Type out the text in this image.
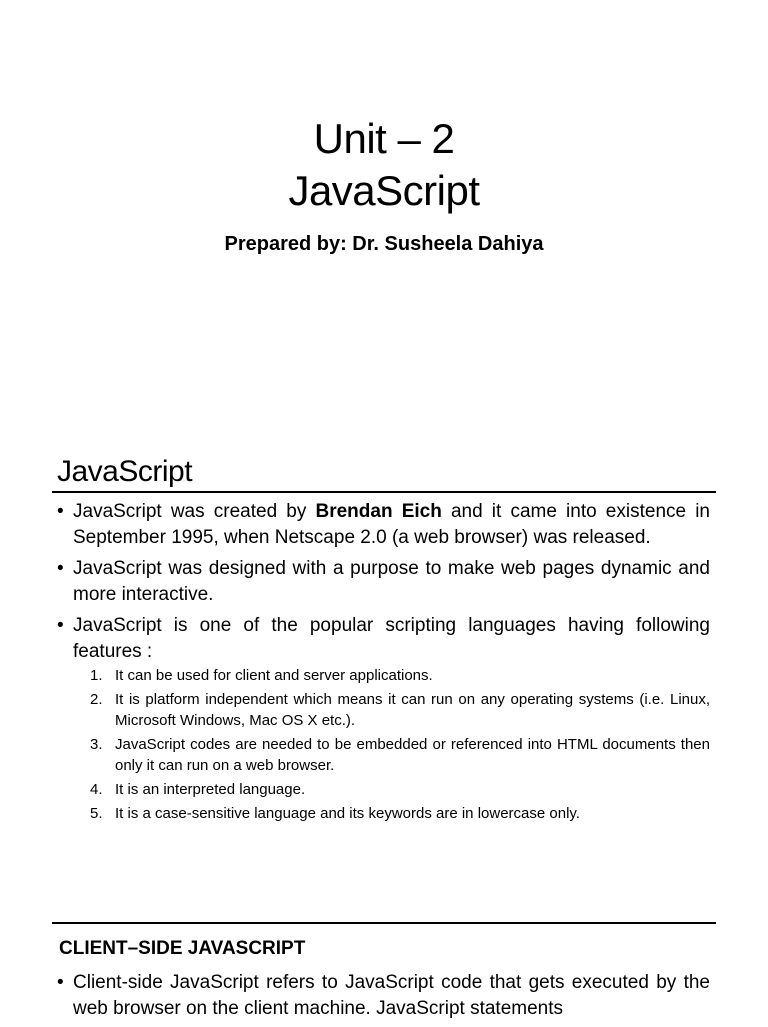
Unit – 2
JavaScript
Prepared by: Dr. Susheela Dahiya
JavaScript
• JavaScript was created by Brendan Eich and it came into existence in September 1995, when Netscape 2.0 (a web browser) was released.
• JavaScript was designed with a purpose to make web pages dynamic and more interactive.
• JavaScript is one of the popular scripting languages having following features :
1. It can be used for client and server applications.
2. It is platform independent which means it can run on any operating systems (i.e. Linux, Microsoft Windows, Mac OS X etc.).
3. JavaScript codes are needed to be embedded or referenced into HTML documents then only it can run on a web browser.
4. It is an interpreted language.
5. It is a case-sensitive language and its keywords are in lowercase only.
CLIENT–SIDE JAVASCRIPT
• Client-side JavaScript refers to JavaScript code that gets executed by the web browser on the client machine. JavaScript statements
